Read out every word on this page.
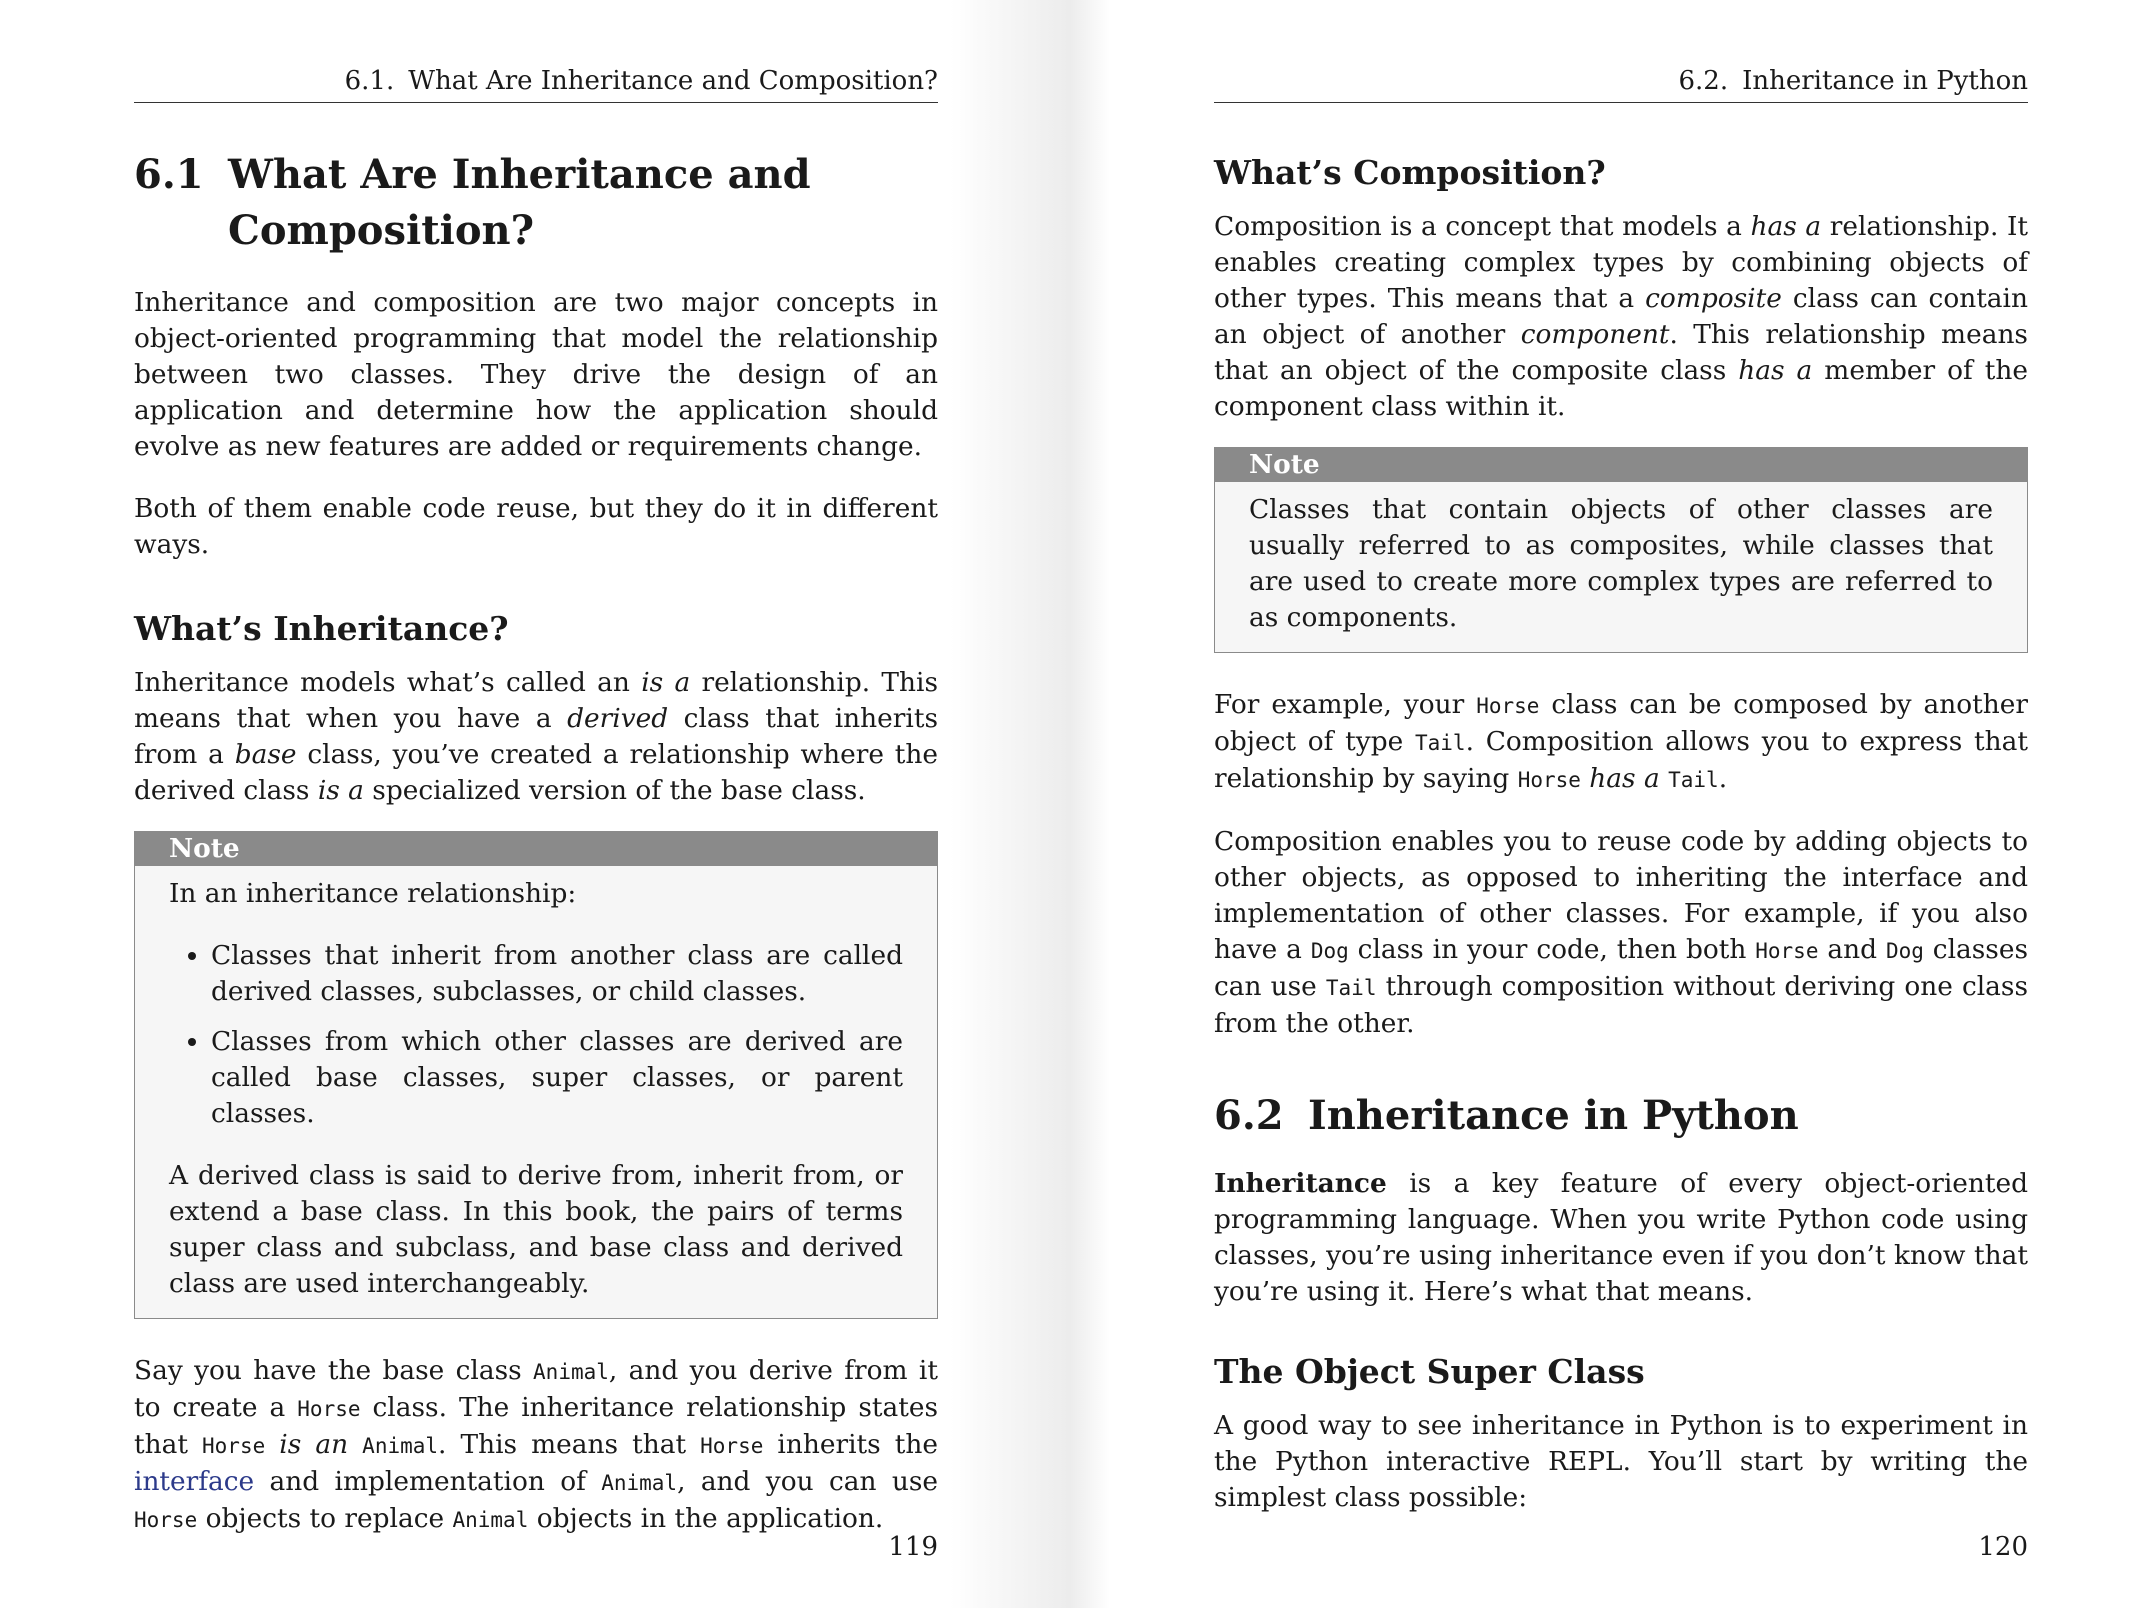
6.1. What Are Inheritance and Composition?
6.1 What Are Inheritance and
Composition?

Inheritance and composition are two major concepts in object-oriented programming that model the relationship between two classes. They drive the design of an application and determine how the application should evolve as new features are added or requirements change.

Both of them enable code reuse, but they do it in different ways.

What’s Inheritance?

Inheritance models what’s called an is a relationship. This means that when you have a derived class that inherits from a base class, you’ve created a relationship where the derived class is a specialized version of the base class.

Note

In an inheritance relationship:

• Classes that inherit from another class are called derived classes, subclasses, or child classes.
• Classes from which other classes are derived are called base classes, super classes, or parent classes.

A derived class is said to derive from, inherit from, or extend a base class. In this book, the pairs of terms super class and subclass, and base class and derived class are used interchangeably.

Say you have the base class Animal, and you derive from it to create a Horse class. The inheritance relationship states that Horse is an Animal. This means that Horse inherits the interface and implementation of Animal, and you can use Horse objects to replace Animal objects in the application.

119
6.2. Inheritance in Python
What’s Composition?

Composition is a concept that models a has a relationship. It enables creating complex types by combining objects of other types. This means that a composite class can contain an object of another component. This relationship means that an object of the composite class has a member of the component class within it.

Note

Classes that contain objects of other classes are usually referred to as composites, while classes that are used to create more complex types are referred to as components.

For example, your Horse class can be composed by another object of type Tail. Composition allows you to express that relationship by saying Horse has a Tail.

Composition enables you to reuse code by adding objects to other objects, as opposed to inheriting the interface and implementation of other classes. For example, if you also have a Dog class in your code, then both Horse and Dog classes can use Tail through composition without deriving one class from the other.

6.2 Inheritance in Python

Inheritance is a key feature of every object-oriented programming language. When you write Python code using classes, you’re using inheritance even if you don’t know that you’re using it. Here’s what that means.

The Object Super Class

A good way to see inheritance in Python is to experiment in the Python interactive REPL. You’ll start by writing the simplest class possible:

120
